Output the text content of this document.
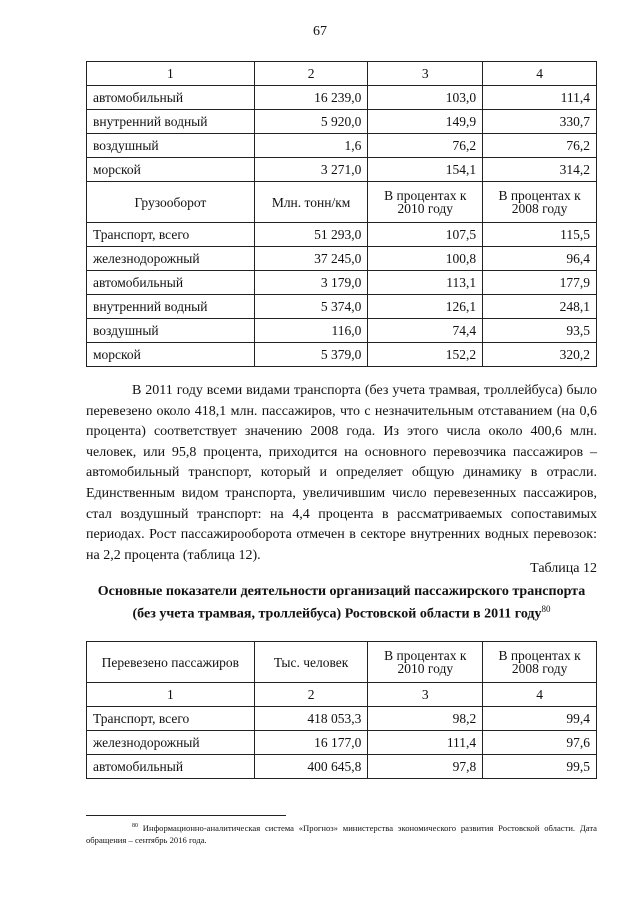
67
1	2	3	4
автомобильный	16 239,0	103,0	111,4
внутренний водный	5 920,0	149,9	330,7
воздушный	1,6	76,2	76,2
морской	3 271,0	154,1	314,2
Грузооборот	Млн. тонн/км	В процентах к 2010 году	В процентах к 2008 году
Транспорт, всего	51 293,0	107,5	115,5
железнодорожный	37 245,0	100,8	96,4
автомобильный	3 179,0	113,1	177,9
внутренний водный	5 374,0	126,1	248,1
воздушный	116,0	74,4	93,5
морской	5 379,0	152,2	320,2

В 2011 году всеми видами транспорта (без учета трамвая, троллейбуса) было перевезено около 418,1 млн. пассажиров, что с незначительным отставанием (на 0,6 процента) соответствует значению 2008 года. Из этого числа около 400,6 млн. человек, или 95,8 процента, приходится на основного перевозчика пассажиров – автомобильный транспорт, который и определяет общую динамику в отрасли. Единственным видом транспорта, увеличившим число перевезенных пассажиров, стал воздушный транспорт: на 4,4 процента в рассматриваемых сопоставимых периодах. Рост пассажирооборота отмечен в секторе внутренних водных перевозок: на 2,2 процента (таблица 12).

Таблица 12
Основные показатели деятельности организаций пассажирского транспорта (без учета трамвая, троллейбуса) Ростовской области в 2011 году$^{80}$
Перевезено пассажиров	Тыс. человек	В процентах к 2010 году	В процентах к 2008 году
1	2	3	4
Транспорт, всего	418 053,3	98,2	99,4
железнодорожный	16 177,0	111,4	97,6
автомобильный	400 645,8	97,8	99,5
$^{80}$ Информационно-аналитическая система «Прогноз» министерства экономического развития Ростовской области. Дата обращения – сентябрь 2016 года.
